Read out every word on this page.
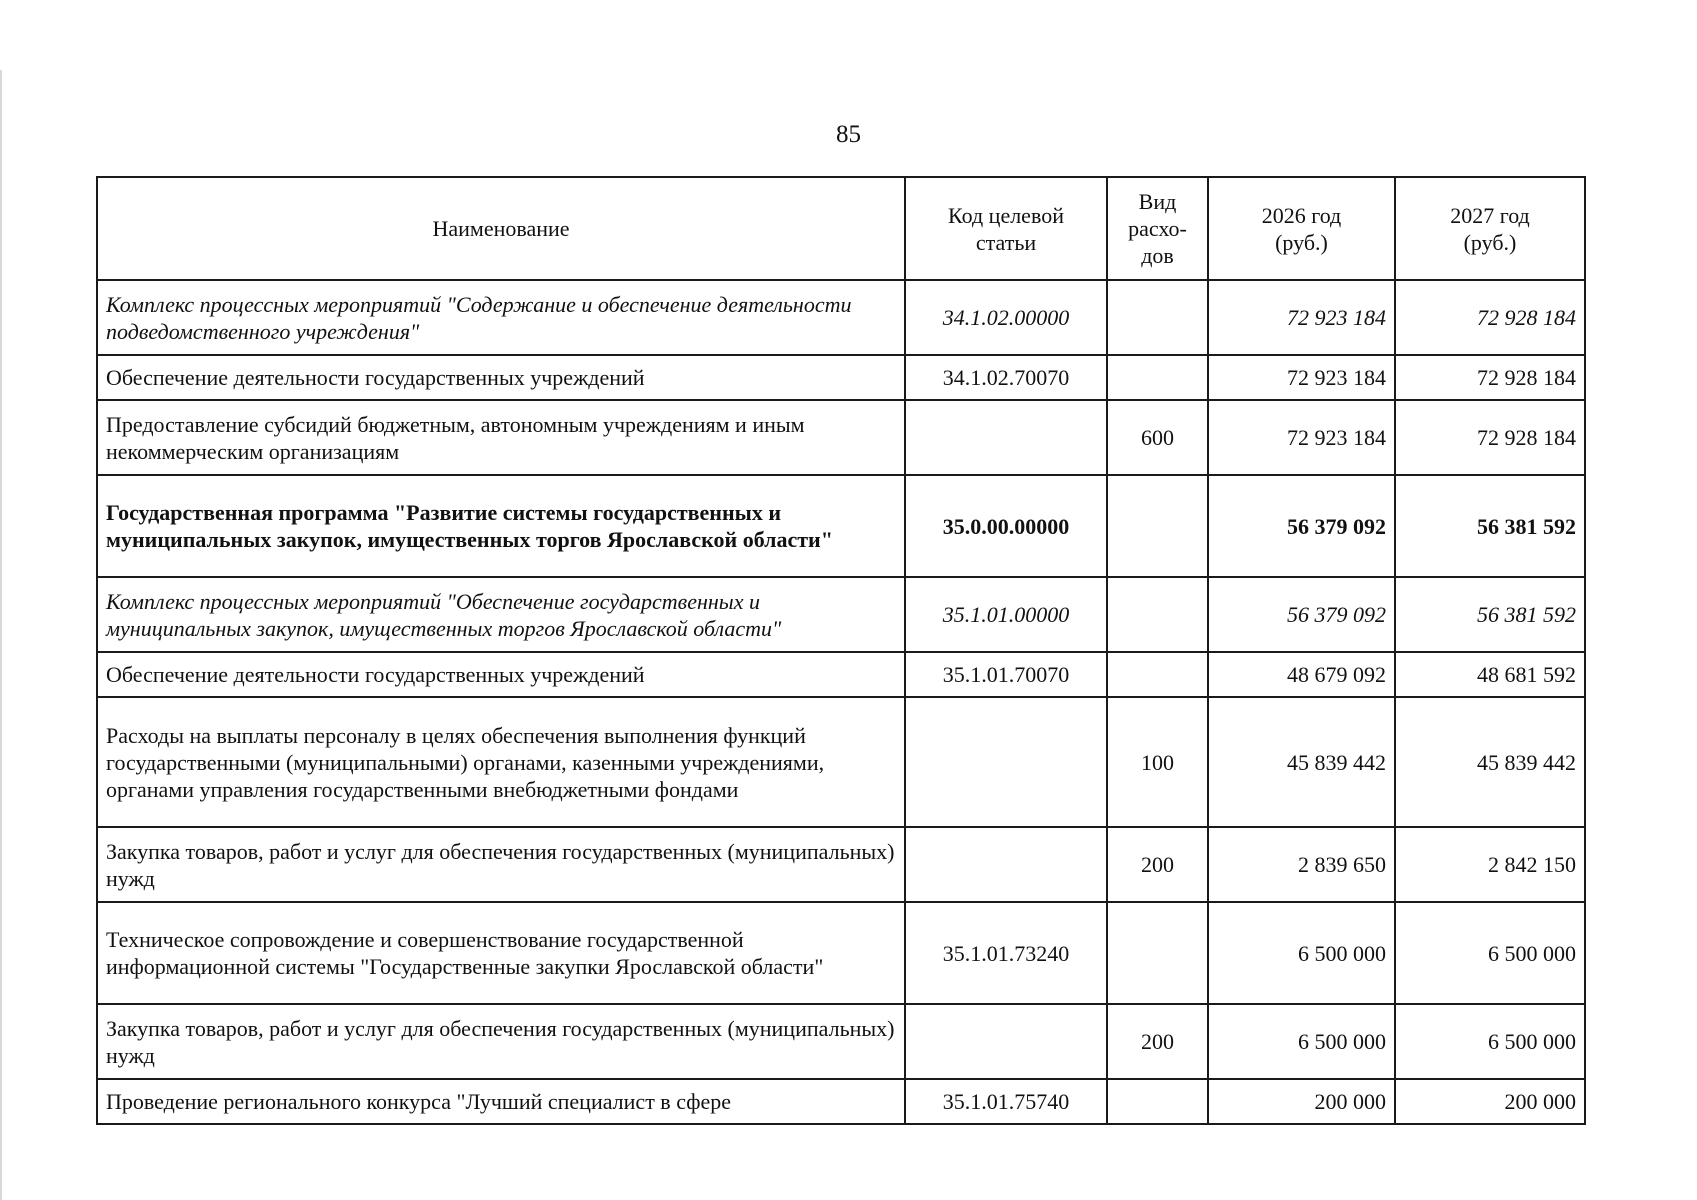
85
Наименование	Код целевой статьи	Вид расхо-дов	2026 год (руб.)	2027 год (руб.)
Комплекс процессных мероприятий "Содержание и обеспечение деятельности подведомственного учреждения"	34.1.02.00000		72 923 184	72 928 184
Обеспечение деятельности государственных учреждений	34.1.02.70070		72 923 184	72 928 184
Предоставление субсидий бюджетным, автономным учреждениям и иным некоммерческим организациям		600	72 923 184	72 928 184
Государственная программа "Развитие системы государственных и муниципальных закупок, имущественных торгов Ярославской области"	35.0.00.00000		56 379 092	56 381 592
Комплекс процессных мероприятий "Обеспечение государственных и муниципальных закупок, имущественных торгов Ярославской области"	35.1.01.00000		56 379 092	56 381 592
Обеспечение деятельности государственных учреждений	35.1.01.70070		48 679 092	48 681 592
Расходы на выплаты персоналу в целях обеспечения выполнения функций государственными (муниципальными) органами, казенными учреждениями, органами управления государственными внебюджетными фондами		100	45 839 442	45 839 442
Закупка товаров, работ и услуг для обеспечения государственных (муниципальных) нужд		200	2 839 650	2 842 150
Техническое сопровождение и совершенствование государственной информационной системы "Государственные закупки Ярославской области"	35.1.01.73240		6 500 000	6 500 000
Закупка товаров, работ и услуг для обеспечения государственных (муниципальных) нужд		200	6 500 000	6 500 000
Проведение регионального конкурса "Лучший специалист в сфере	35.1.01.75740		200 000	200 000
